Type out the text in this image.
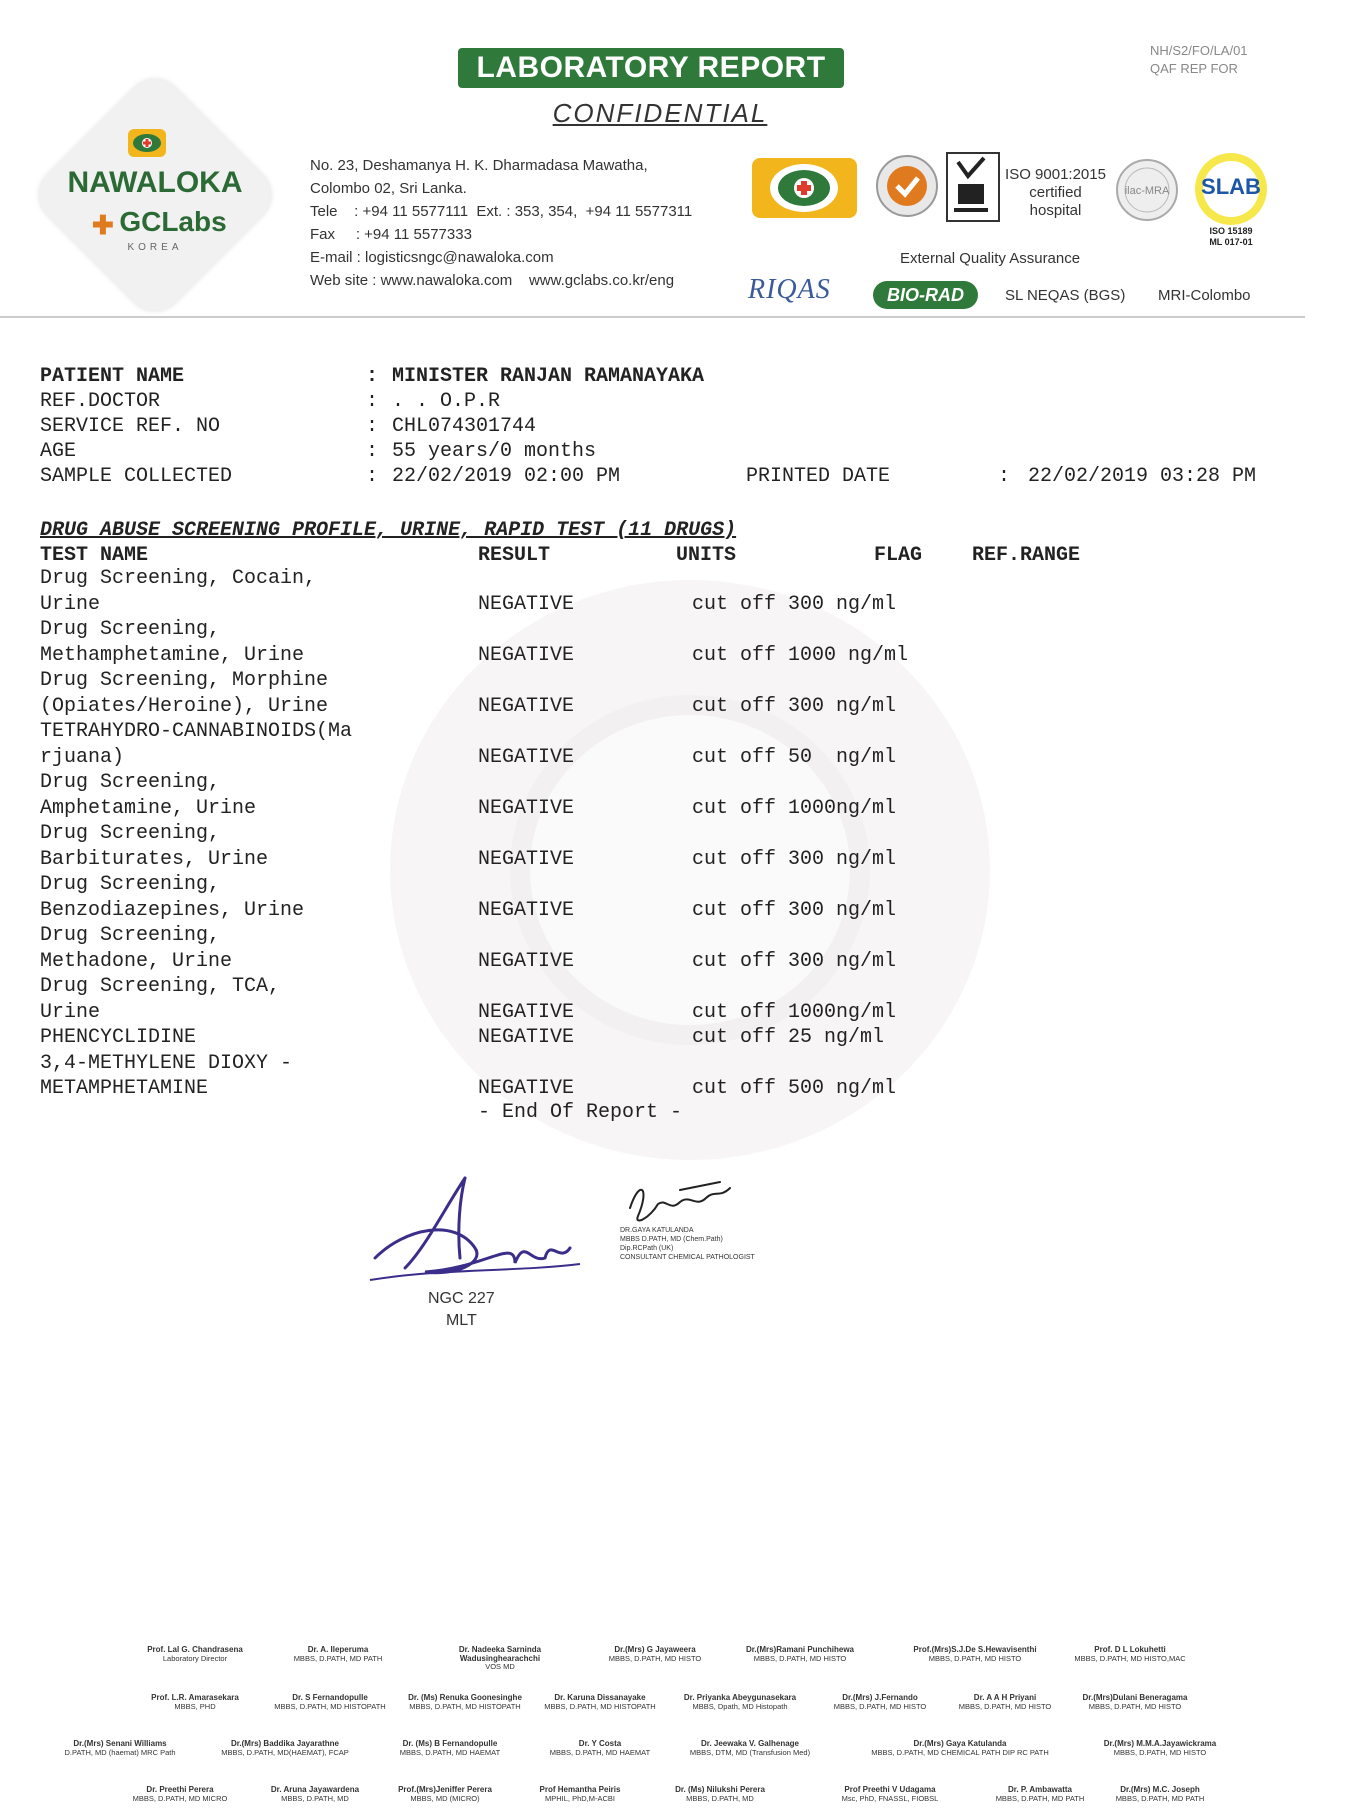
NH/S2/FO/LA/01
QAF REP FOR
LABORATORY REPORT
CONFIDENTIAL
NAWALOKA
✚ GCLabs
KOREA
No. 23, Deshamanya H. K. Dharmadasa Mawatha,
Colombo 02, Sri Lanka.
Tele    : +94 11 5577111  Ext. : 353, 354,  +94 11 5577311
Fax     : +94 11 5577333
E-mail : logisticsngc@nawaloka.com
Web site : www.nawaloka.com    www.gclabs.co.kr/eng
ISO 9001:2015
certified
hospital
ilac-MRA SLAB
ISO 15189
ML 017-01
External Quality Assurance
RIQAS	BIO-RAD	SL NEQAS (BGS) MRI-Colombo
PATIENT NAME	: MINISTER RANJAN RAMANAYAKA
REF.DOCTOR	: . . O.P.R
SERVICE REF. NO	: CHL074301744
AGE	: 55 years/0 months
SAMPLE COLLECTED	: 22/02/2019 02:00 PM	PRINTED DATE	: 22/02/2019 03:28 PM
DRUG ABUSE SCREENING PROFILE, URINE, RAPID TEST (11 DRUGS)
TEST NAME	RESULT	UNITS	FLAG REF.RANGE
Drug Screening, Cocain,
Urine	NEGATIVE	cut off 300 ng/ml
Drug Screening,
Methamphetamine, Urine	NEGATIVE	cut off 1000 ng/ml
Drug Screening, Morphine
(Opiates/Heroine), Urine	NEGATIVE	cut off 300 ng/ml
TETRAHYDRO-CANNABINOIDS(Ma
rjuana)	NEGATIVE	cut off 50  ng/ml
Drug Screening,
Amphetamine, Urine	NEGATIVE	cut off 1000ng/ml
Drug Screening,
Barbiturates, Urine	NEGATIVE	cut off 300 ng/ml
Drug Screening,
Benzodiazepines, Urine	NEGATIVE	cut off 300 ng/ml
Drug Screening,
Methadone, Urine	NEGATIVE	cut off 300 ng/ml
Drug Screening, TCA,
Urine	NEGATIVE	cut off 1000ng/ml
PHENCYCLIDINE	NEGATIVE	cut off 25 ng/ml
3,4-METHYLENE DIOXY -
METAMPHETAMINE	NEGATIVE	cut off 500 ng/ml
- End Of Report -
NGC 227
MLT
DR.GAYA KATULANDA
MBBS D.PATH, MD (Chem.Path)
Dip.RCPath (UK)
CONSULTANT CHEMICAL PATHOLOGIST
Prof. Lal G. Chandrasena
Laboratory Director
Dr. A. Ileperuma
MBBS, D.PATH, MD PATH
Dr. Nadeeka Sarninda Wadusinghearachchi
VOS MD
Dr.(Mrs) G Jayaweera
MBBS, D.PATH, MD HISTO
Dr.(Mrs)Ramani Punchihewa
MBBS, D.PATH, MD HISTO
Prof.(Mrs)S.J.De S.Hewavisenthi
MBBS, D.PATH, MD HISTO
Prof. D L Lokuhetti
MBBS, D.PATH, MD HISTO,MAC
Prof. L.R. Amarasekara
MBBS, PHD
Dr. S Fernandopulle
MBBS, D.PATH, MD HISTOPATH
Dr. (Ms) Renuka Goonesinghe
MBBS, D.PATH, MD HISTOPATH
Dr. Karuna Dissanayake
MBBS, D.PATH, MD HISTOPATH
Dr. Priyanka Abeygunasekara
MBBS, Dpath, MD Histopath
Dr.(Mrs) J.Fernando
MBBS, D.PATH, MD HISTO
Dr. A A H Priyani
MBBS, D.PATH, MD HISTO
Dr.(Mrs)Dulani Beneragama
MBBS, D.PATH, MD HISTO
Dr.(Mrs) Senani Williams
D.PATH, MD (haemat) MRC Path
Dr.(Mrs) Baddika Jayarathne
MBBS, D.PATH, MD(HAEMAT), FCAP
Dr. (Ms) B Fernandopulle
MBBS, D.PATH, MD HAEMAT
Dr. Y Costa
MBBS, D.PATH, MD HAEMAT
Dr. Jeewaka V. Galhenage
MBBS, DTM, MD (Transfusion Med)
Dr.(Mrs) Gaya Katulanda
MBBS, D.PATH, MD CHEMICAL PATH DIP RC PATH
Dr.(Mrs) M.M.A.Jayawickrama
MBBS, D.PATH, MD HISTO
Dr. Preethi Perera
MBBS, D.PATH, MD MICRO
Dr. Aruna Jayawardena
MBBS, D.PATH, MD
Prof.(Mrs)Jeniffer Perera
MBBS, MD (MICRO)
Prof Hemantha Peiris
MPHIL, PhD,M-ACBI
Dr. (Ms) Nilukshi Perera
MBBS, D.PATH, MD
Prof Preethi V Udagama
Msc, PhD, FNASSL, FIOBSL
Dr. P. Ambawatta
MBBS, D.PATH, MD PATH
Dr.(Mrs) M.C. Joseph
MBBS, D.PATH, MD PATH
